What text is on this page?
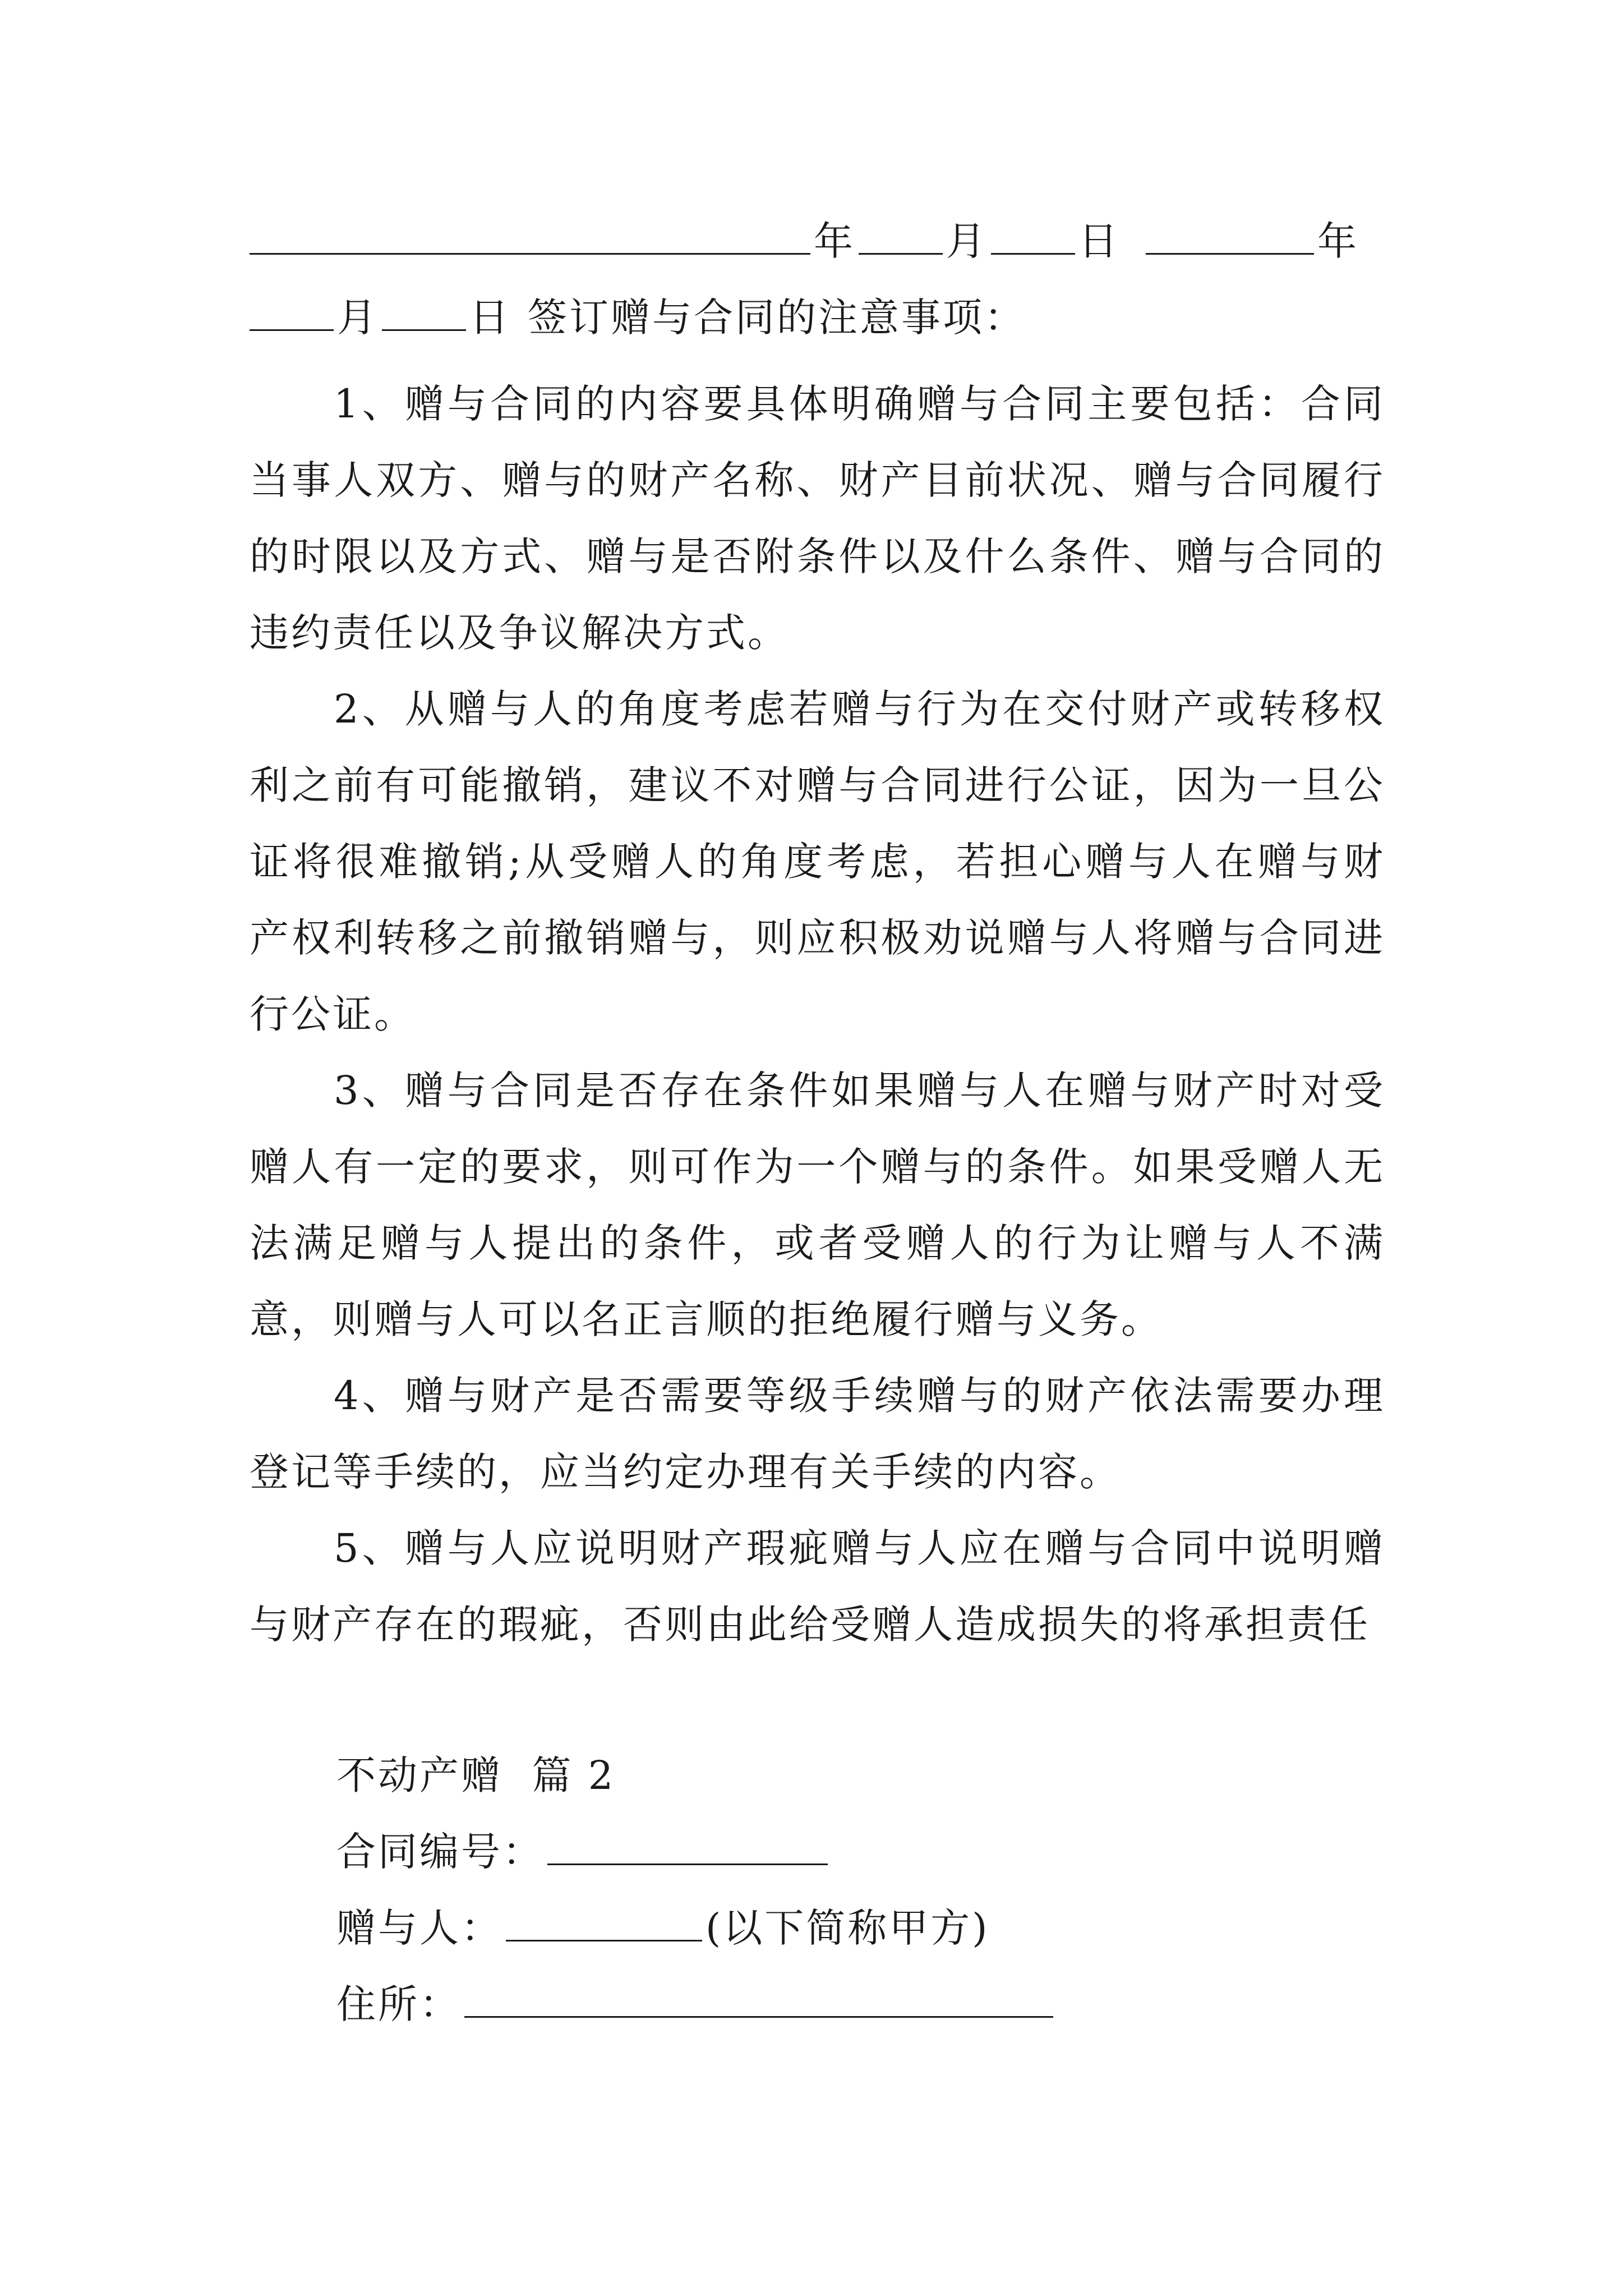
年 月 日	年
月 日 签订赠与合同的注意事项：
1、赠与合同的内容要具体明确赠与合同主要包括：合同当事人双方、赠与的财产名称、财产目前状况、赠与合同履行的时限以及方式、赠与是否附条件以及什么条件、赠与合同的违约责任以及争议解决方式。
2、从赠与人的角度考虑若赠与行为在交付财产或转移权利之前有可能撤销，建议不对赠与合同进行公证，因为一旦公证将很难撤销;从受赠人的角度考虑，若担心赠与人在赠与财产权利转移之前撤销赠与，则应积极劝说赠与人将赠与合同进行公证。
3、赠与合同是否存在条件如果赠与人在赠与财产时对受赠人有一定的要求，则可作为一个赠与的条件。如果受赠人无法满足赠与人提出的条件，或者受赠人的行为让赠与人不满意，则赠与人可以名正言顺的拒绝履行赠与义务。
4、赠与财产是否需要等级手续赠与的财产依法需要办理登记等手续的，应当约定办理有关手续的内容。
5、赠与人应说明财产瑕疵赠与人应在赠与合同中说明赠与财产存在的瑕疵，否则由此给受赠人造成损失的将承担责任
不动产赠  篇 2
合同编号：
赠与人：	(以下简称甲方)
住所：
